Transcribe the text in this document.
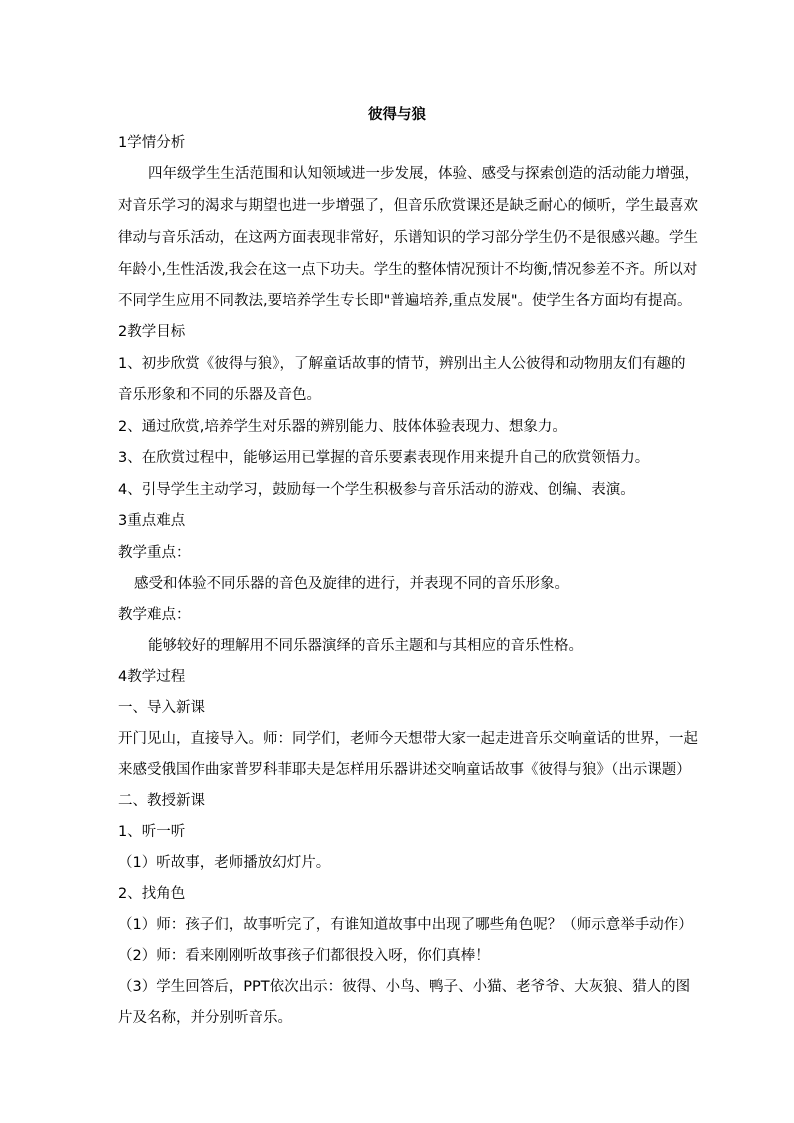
彼得与狼
1学情分析
四年级学生生活范围和认知领域进一步发展，体验、感受与探索创造的活动能力增强，
对音乐学习的渴求与期望也进一步增强了，但音乐欣赏课还是缺乏耐心的倾听，学生最喜欢
律动与音乐活动，在这两方面表现非常好，乐谱知识的学习部分学生仍不是很感兴趣。学生
年龄小,生性活泼,我会在这一点下功夫。学生的整体情况预计不均衡,情况参差不齐。所以对
不同学生应用不同教法,要培养学生专长即"普遍培养,重点发展"。使学生各方面均有提高。
2教学目标
1、初步欣赏《彼得与狼》，了解童话故事的情节，辨别出主人公彼得和动物朋友们有趣的
音乐形象和不同的乐器及音色。
2、通过欣赏,培养学生对乐器的辨别能力、肢体体验表现力、想象力。
3、在欣赏过程中，能够运用已掌握的音乐要素表现作用来提升自己的欣赏领悟力。
4、引导学生主动学习，鼓励每一个学生积极参与音乐活动的游戏、创编、表演。
3重点难点
教学重点：
感受和体验不同乐器的音色及旋律的进行，并表现不同的音乐形象。
教学难点：
能够较好的理解用不同乐器演绎的音乐主题和与其相应的音乐性格。
4教学过程
一、导入新课
开门见山，直接导入。师：同学们，老师今天想带大家一起走进音乐交响童话的世界，一起
来感受俄国作曲家普罗科菲耶夫是怎样用乐器讲述交响童话故事《彼得与狼》（出示课题）
二、教授新课
1、听一听
（1）听故事，老师播放幻灯片。
2、找角色
（1）师：孩子们，故事听完了，有谁知道故事中出现了哪些角色呢？（师示意举手动作）
（2）师：看来刚刚听故事孩子们都很投入呀，你们真棒！
（3）学生回答后，PPT依次出示：彼得、小鸟、鸭子、小猫、老爷爷、大灰狼、猎人的图
片及名称，并分别听音乐。
